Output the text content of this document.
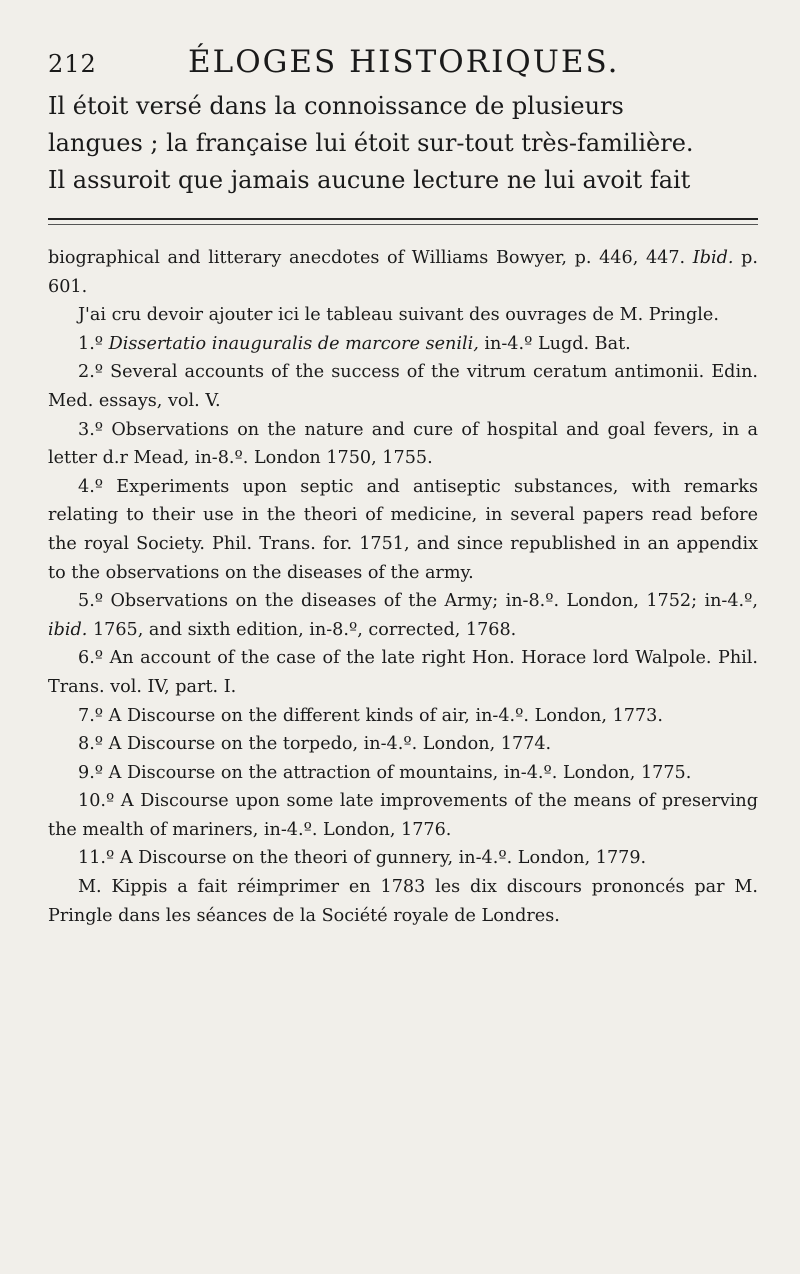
212	ÉLOGES HISTORIQUES.

Il étoit versé dans la connoissance de plusieurs

langues ; la française lui étoit sur-tout très-familière.

Il assuroit que jamais aucune lecture ne lui avoit fait

biographical and litterary anecdotes of Williams Bowyer, p. 446, 447. Ibid. p. 601.

J'ai cru devoir ajouter ici le tableau suivant des ouvrages de M. Pringle.

1.º Dissertatio inauguralis de marcore senili, in-4.º Lugd. Bat.

2.º Several accounts of the success of the vitrum ceratum antimonii. Edin. Med. essays, vol. V.

3.º Observations on the nature and cure of hospital and goal fevers, in a letter d.r Mead, in-8.º. London 1750, 1755.

4.º Experiments upon septic and antiseptic substances, with remarks relating to their use in the theori of medicine, in several papers read before the royal Society. Phil. Trans. for. 1751, and since republished in an appendix to the observations on the diseases of the army.

5.º Observations on the diseases of the Army; in-8.º. London, 1752; in-4.º, ibid. 1765, and sixth edition, in-8.º, corrected, 1768.

6.º An account of the case of the late right Hon. Horace lord Walpole. Phil. Trans. vol. IV, part. I.

7.º A Discourse on the different kinds of air, in-4.º. London, 1773.

8.º A Discourse on the torpedo, in-4.º. London, 1774.

9.º A Discourse on the attraction of mountains, in-4.º. London, 1775.

10.º A Discourse upon some late improvements of the means of preserving the mealth of mariners, in-4.º. London, 1776.

11.º A Discourse on the theori of gunnery, in-4.º. London, 1779.

M. Kippis a fait réimprimer en 1783 les dix discours prononcés par M. Pringle dans les séances de la Société royale de Londres.
